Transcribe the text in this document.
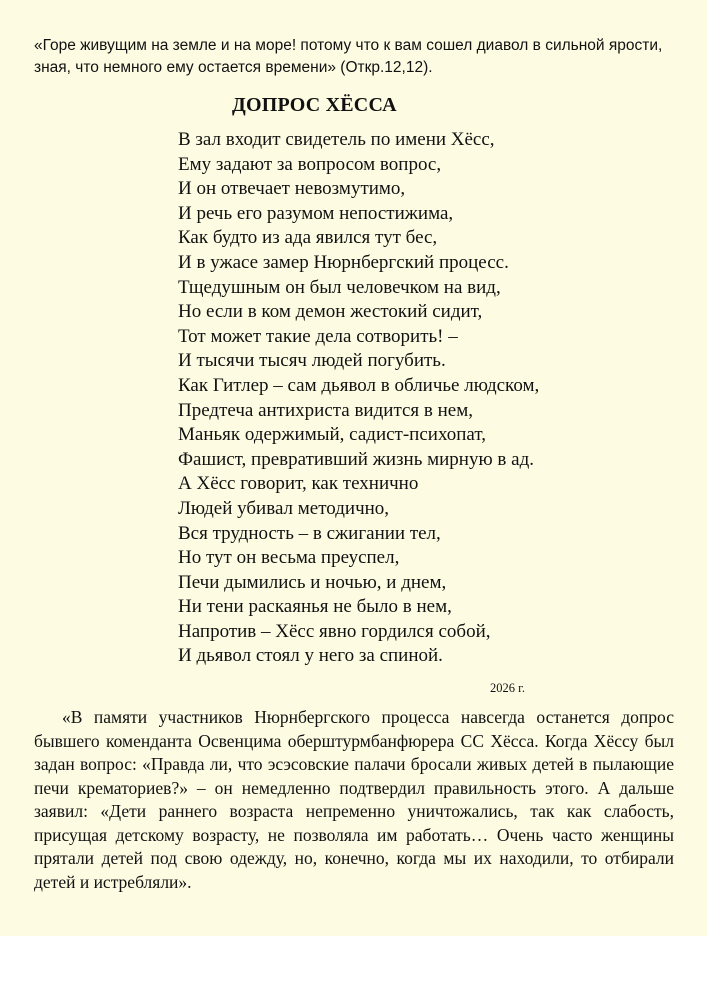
«Горе живущим на земле и на море! потому что к вам сошел диавол в сильной ярости, зная, что немного ему остается времени» (Откр.12,12).

ДОПРОС ХЁССА
В зал входит свидетель по имени Хёсс,
Ему задают за вопросом вопрос,
И он отвечает невозмутимо,
И речь его разумом непостижима,
Как будто из ада явился тут бес,
И в ужасе замер Нюрнбергский процесс.
Тщедушным он был человечком на вид,
Но если в ком демон жестокий сидит,
Тот может такие дела сотворить! –
И тысячи тысяч людей погубить.
Как Гитлер – сам дьявол в обличье людском,
Предтеча антихриста видится в нем,
Маньяк одержимый, садист-психопат,
Фашист, превративший жизнь мирную в ад.
А Хёсс говорит, как технично
Людей убивал методично,
Вся трудность – в сжигании тел,
Но тут он весьма преуспел,
Печи дымились и ночью, и днем,
Ни тени раскаянья не было в нем,
Напротив – Хёсс явно гордился собой,
И дьявол стоял у него за спиной.
2026 г.

«В памяти участников Нюрнбергского процесса навсегда останется допрос бывшего коменданта Освенцима оберштурмбанфюрера СС Хёсса. Когда Хёссу был задан вопрос: «Правда ли, что эсэсовские палачи бросали живых детей в пылающие печи крематориев?» – он немедленно подтвердил правильность этого. А дальше заявил: «Дети раннего возраста непременно уничтожались, так как слабость, присущая детскому возрасту, не позволяла им работать… Очень часто женщины прятали детей под свою одежду, но, конечно, когда мы их находили, то отбирали детей и истребляли».
